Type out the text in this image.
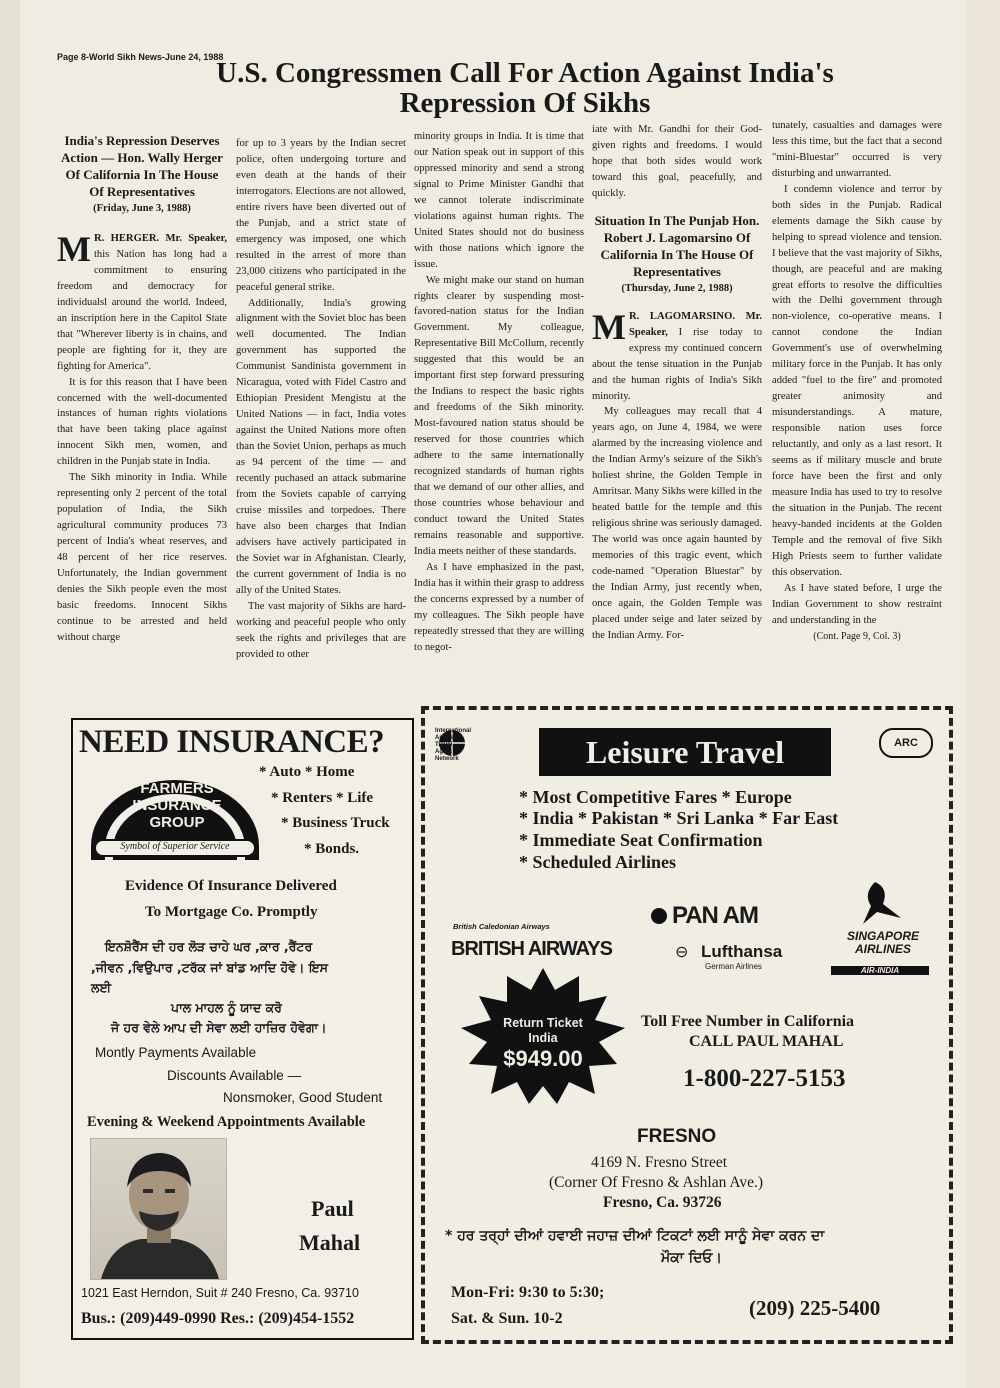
Page 8-World Sikh News-June 24, 1988
U.S. Congressmen Call For Action Against India's
Repression Of Sikhs
India's Repression Deserves Action — Hon. Wally Herger Of California In The House Of Representatives
(Friday, June 3, 1988)

M R. HERGER. Mr. Speaker, this Nation has long had a commitment to ensuring freedom and democracy for individualsl around the world. Indeed, an inscription here in the Capitol State that "Wherever liberty is in chains, and people are fighting for it, they are fighting for America".

It is for this reason that I have been concerned with the well-documented instances of human rights violations that have been taking place against innocent Sikh men, women, and children in the Punjab state in India.

The Sikh minority in India. While representing only 2 percent of the total population of India, the Sikh agricultural community produces 73 percent of India's wheat reserves, and 48 percent of her rice reserves. Unfortunately, the Indian government denies the Sikh people even the most basic freedoms. Innocent Sikhs continue to be arrested and held without charge

for up to 3 years by the Indian secret police, often undergoing torture and even death at the hands of their interrogators. Elections are not allowed, entire rivers have been diverted out of the Punjab, and a strict state of emergency was imposed, one which resulted in the arrest of more than 23,000 citizens who participated in the peaceful general strike.

Additionally, India's growing alignment with the Soviet bloc has been well documented. The Indian government has supported the Communist Sandinista government in Nicaragua, voted with Fidel Castro and Ethiopian President Mengistu at the United Nations — in fact, India votes against the United Nations more often than the Soviet Union, perhaps as much as 94 percent of the time — and recently puchased an attack submarine from the Soviets capable of carrying cruise missiles and torpedoes. There have also been charges that Indian advisers have actively participated in the Soviet war in Afghanistan. Clearly, the current government of India is no ally of the United States.

The vast majority of Sikhs are hard-working and peaceful people who only seek the rights and privileges that are provided to other

minority groups in India. It is time that our Nation speak out in support of this oppressed minority and send a strong signal to Prime Minister Gandhi that we cannot tolerate indiscriminate violations against human rights. The United States should not do business with those nations which ignore the issue.

We might make our stand on human rights clearer by suspending most-favored-nation status for the Indian Government. My colleague, Representative Bill McCollum, recently suggested that this would be an important first step forward pressuring the Indians to respect the basic rights and freedoms of the Sikh minority. Most-favoured nation status should be reserved for those countries which adhere to the same internationally recognized standards of human rights that we demand of our other allies, and those countries whose behaviour and conduct toward the United States remains reasonable and supportive. India meets neither of these standards.

As I have emphasized in the past, India has it within their grasp to address the concerns expressed by a number of my colleagues. The Sikh people have repeatedly stressed that they are willing to negot-

iate with Mr. Gandhi for their God-given rights and freedoms. I would hope that both sides would work toward this goal, peacefully, and quickly.

Situation In The Punjab Hon. Robert J. Lagomarsino Of California In The House Of Representatives
(Thursday, June 2, 1988)

M R. LAGOMARSINO. Mr. Speaker, I rise today to express my continued concern about the tense situation in the Punjab and the human rights of India's Sikh minority.

My colleagues may recall that 4 years ago, on June 4, 1984, we were alarmed by the increasing violence and the Indian Army's seizure of the Sikh's holiest shrine, the Golden Temple in Amritsar. Many Sikhs were killed in the heated battle for the temple and this religious shrine was seriously damaged. The world was once again haunted by memories of this tragic event, which code-named "Operation Bluestar" by the Indian Army, just recently when, once again, the Golden Temple was placed under seige and later seized by the Indian Army. For-

tunately, casualties and damages were less this time, but the fact that a second "mini-Bluestar" occurred is very disturbing and unwarranted.

I condemn violence and terror by both sides in the Punjab. Radical elements damage the Sikh cause by helping to spread violence and tension. I believe that the vast majority of Sikhs, though, are peaceful and are making great efforts to resolve the difficulties with the Delhi government through non-violence, co-operative means. I cannot condone the Indian Government's use of overwhelming military force in the Punjab. It has only added "fuel to the fire" and promoted greater animosity and misunderstandings. A mature, responsible nation uses force reluctantly, and only as a last resort. It seems as if military muscle and brute force have been the first and only measure India has used to try to resolve the situation in the Punjab. The recent heavy-handed incidents at the Golden Temple and the removal of five Sikh High Priests seem to further validate this observation.

As I have stated before, I urge the Indian Government to show restraint and understanding in the

(Cont. Page 9, Col. 3)
NEED INSURANCE?
FARMERS
INSURANCE
GROUP
Symbol of Superior Service
* Auto * Home
* Renters * Life
* Business Truck
* Bonds.
Evidence Of Insurance Delivered
To Mortgage Co. Promptly
ਇਨਸ਼ੋਰੈਂਸ ਦੀ ਹਰ ਲੋੜ ਚਾਹੇ ਘਰ ,ਕਾਰ ,ਰੈਂਟਰ
,ਜੀਵਨ ,ਵਿਉਪਾਰ ,ਟਰੱਕ ਜਾਂ ਬਾਂਡ ਆਦਿ ਹੋਵੇ। ਇਸ
ਲਈ
ਪਾਲ ਮਾਹਲ ਨੂੰ ਯਾਦ ਕਰੋ
ਜੋ ਹਰ ਵੇਲੇ ਆਪ ਦੀ ਸੇਵਾ ਲਈ ਹਾਜ਼ਿਰ ਹੋਵੇਗਾ।
Montly Payments Available
Discounts Available —
Nonsmoker, Good Student
Evening & Weekend Appointments Available
Paul
Mahal
1021 East Herndon, Suit # 240 Fresno, Ca. 93710
Bus.: (209)449-0990 Res.: (209)454-1552
International
Airlines
Travel
Agent
Network	Leisure Travel	ARC
* Most Competitive Fares * Europe
* India * Pakistan * Sri Lanka * Far East
* Immediate Seat Confirmation
* Scheduled Airlines
British Caledonian Airways
BRITISH AIRWAYS
PAN AM
⊖ Lufthansa
German Airlines
SINGAPORE
AIRLINES
AIR-INDIA
Return Ticket
India
$949.00
Toll Free Number in California
CALL PAUL MAHAL
1-800-227-5153
FRESNO
4169 N. Fresno Street
(Corner Of Fresno & Ashlan Ave.)
Fresno, Ca. 93726
* ਹਰ ਤਰ੍ਹਾਂ ਦੀਆਂ ਹਵਾਈ ਜਹਾਜ਼ ਦੀਆਂ ਟਿਕਟਾਂ ਲਈ ਸਾਨੂੰ ਸੇਵਾ ਕਰਨ ਦਾ
ਮੌਕਾ ਦਿਓ।
Mon-Fri: 9:30 to 5:30;
Sat. & Sun. 10-2	(209) 225-5400
